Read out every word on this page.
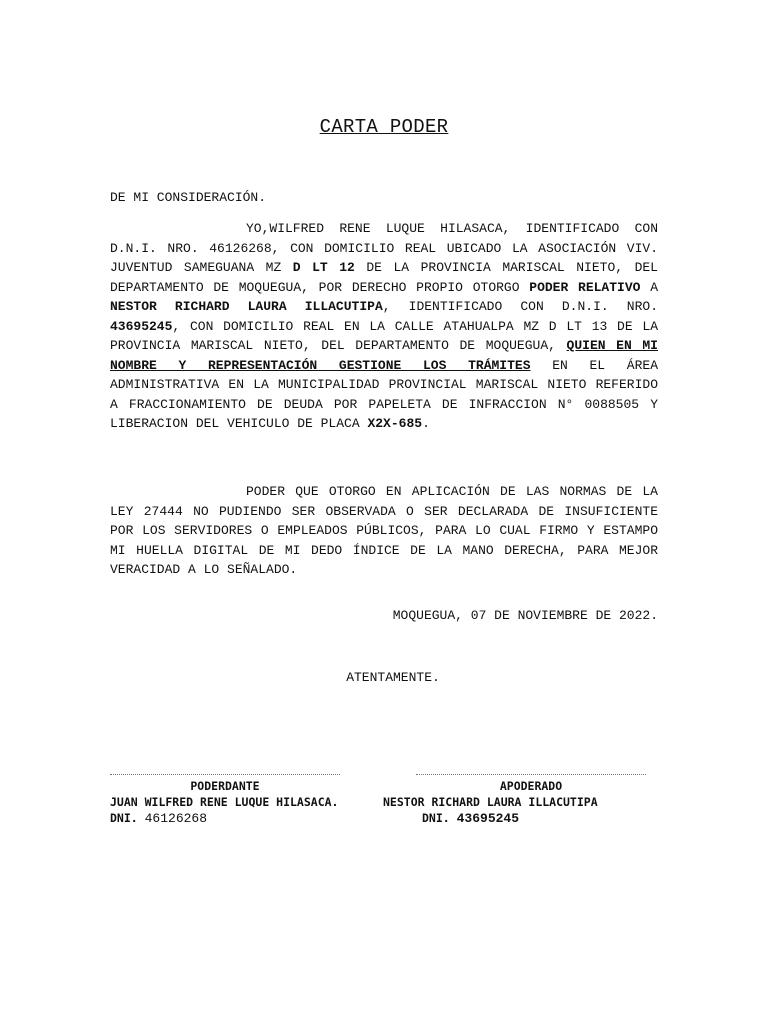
CARTA PODER
DE MI CONSIDERACIÓN.

YO,WILFRED RENE LUQUE HILASACA, IDENTIFICADO CON D.N.I. NRO. 46126268, CON DOMICILIO REAL UBICADO LA ASOCIACIÓN VIV. JUVENTUD SAMEGUANA MZ D LT 12 DE LA PROVINCIA MARISCAL NIETO, DEL DEPARTAMENTO DE MOQUEGUA, POR DERECHO PROPIO OTORGO PODER RELATIVO A NESTOR RICHARD LAURA ILLACUTIPA, IDENTIFICADO CON D.N.I. NRO. 43695245, CON DOMICILIO REAL EN LA CALLE ATAHUALPA MZ D LT 13 DE LA PROVINCIA MARISCAL NIETO, DEL DEPARTAMENTO DE MOQUEGUA, QUIEN EN MI NOMBRE Y REPRESENTACIÓN GESTIONE LOS TRÁMITES EN EL ÁREA ADMINISTRATIVA EN LA MUNICIPALIDAD PROVINCIAL MARISCAL NIETO REFERIDO A FRACCIONAMIENTO DE DEUDA POR PAPELETA DE INFRACCION N° 0088505 Y LIBERACION DEL VEHICULO DE PLACA X2X-685.

PODER QUE OTORGO EN APLICACIÓN DE LAS NORMAS DE LA LEY 27444 NO PUDIENDO SER OBSERVADA O SER DECLARADA DE INSUFICIENTE POR LOS SERVIDORES O EMPLEADOS PÚBLICOS, PARA LO CUAL FIRMO Y ESTAMPO MI HUELLA DIGITAL DE MI DEDO ÍNDICE DE LA MANO DERECHA, PARA MEJOR VERACIDAD A LO SEÑALADO.

MOQUEGUA, 07 DE NOVIEMBRE DE 2022.
ATENTAMENTE.
PODERDANTE	APODERADO
JUAN WILFRED RENE LUQUE HILASACA.	NESTOR RICHARD LAURA ILLACUTIPA
DNI. 46126268	DNI. 43695245
